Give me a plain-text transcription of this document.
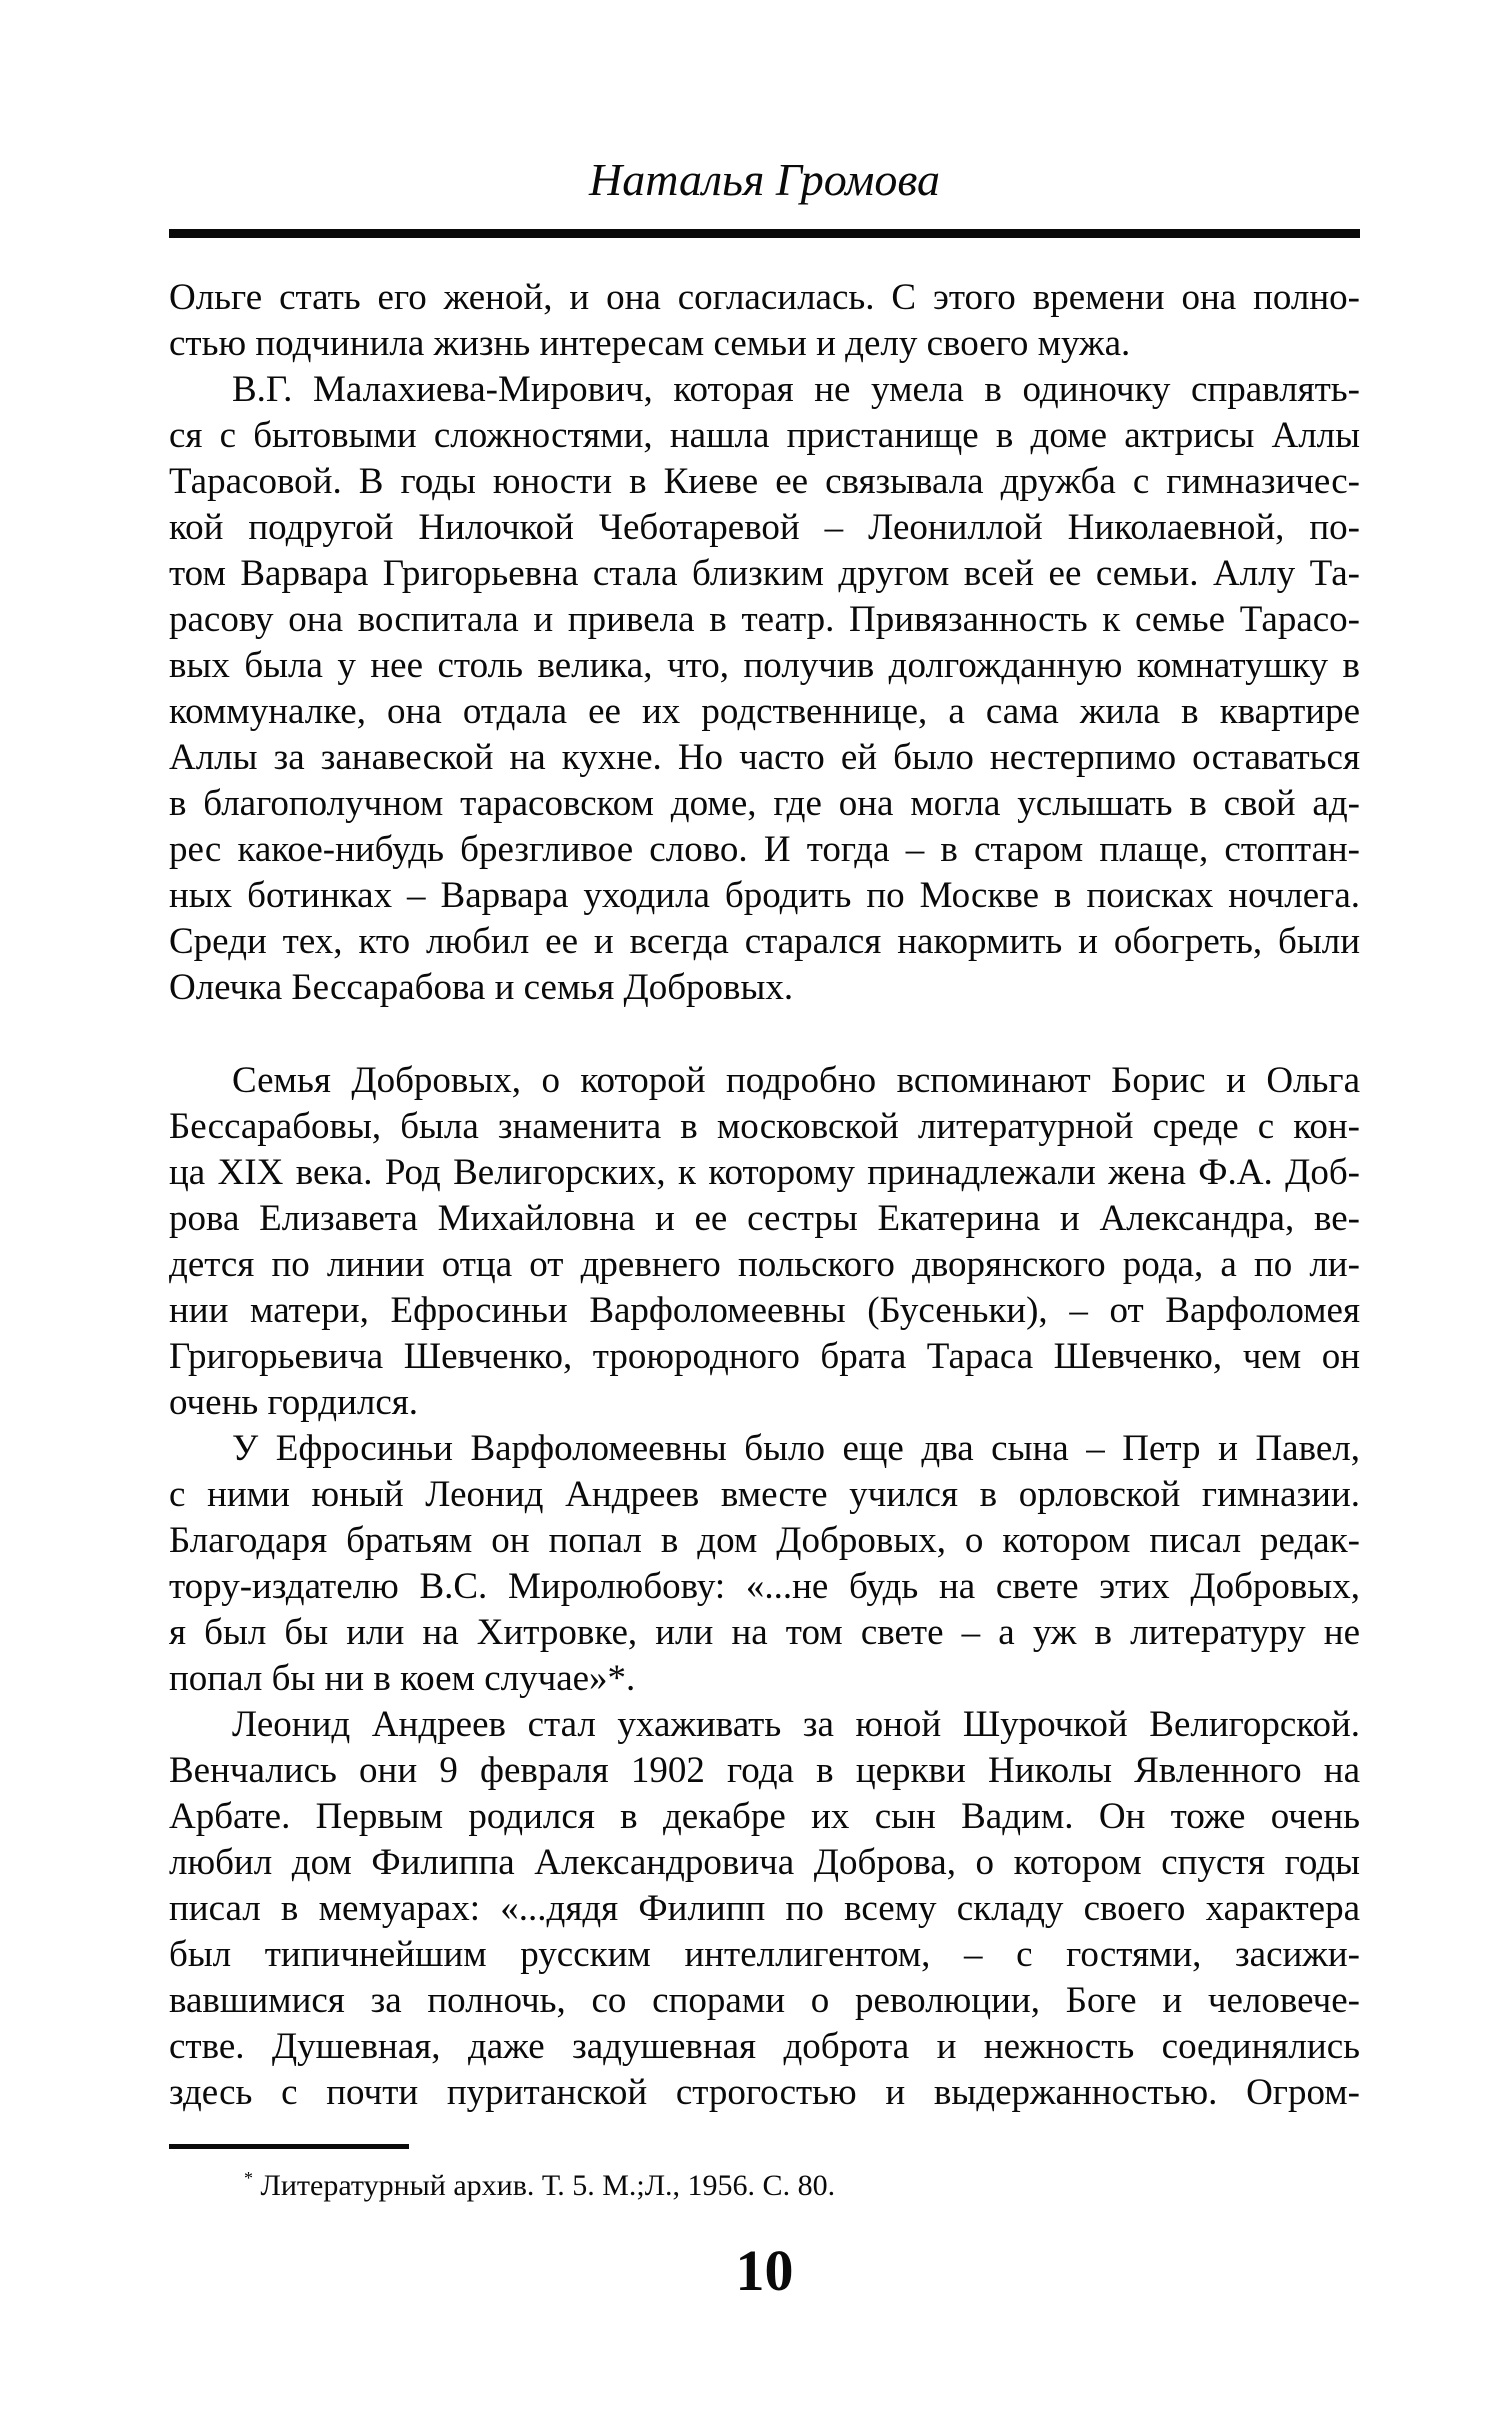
Наталья Громова
Ольге стать его женой, и она согласилась. С этого времени она полно-
стью подчинила жизнь интересам семьи и делу своего мужа.
В.Г. Малахиева-Мирович, которая не умела в одиночку справлять-
ся с бытовыми сложностями, нашла пристанище в доме актрисы Аллы
Тарасовой. В годы юности в Киеве ее связывала дружба с гимназичес-
кой подругой Нилочкой Чеботаревой – Леониллой Николаевной, по-
том Варвара Григорьевна стала близким другом всей ее семьи. Аллу Та-
расову она воспитала и привела в театр. Привязанность к семье Тарасо-
вых была у нее столь велика, что, получив долгожданную комнатушку в
коммуналке, она отдала ее их родственнице, а сама жила в квартире
Аллы за занавеской на кухне. Но часто ей было нестерпимо оставаться
в благополучном тарасовском доме, где она могла услышать в свой ад-
рес какое-нибудь брезгливое слово. И тогда – в старом плаще, стоптан-
ных ботинках – Варвара уходила бродить по Москве в поисках ночлега.
Среди тех, кто любил ее и всегда старался накормить и обогреть, были
Олечка Бессарабова и семья Добровых.
Семья Добровых, о которой подробно вспоминают Борис и Ольга
Бессарабовы, была знаменита в московской литературной среде с кон-
ца XIX века. Род Велигорских, к которому принадлежали жена Ф.А. Доб-
рова Елизавета Михайловна и ее сестры Екатерина и Александра, ве-
дется по линии отца от древнего польского дворянского рода, а по ли-
нии матери, Ефросиньи Варфоломеевны (Бусеньки), – от Варфоломея
Григорьевича Шевченко, троюродного брата Тараса Шевченко, чем он
очень гордился.
У Ефросиньи Варфоломеевны было еще два сына – Петр и Павел,
с ними юный Леонид Андреев вместе учился в орловской гимназии.
Благодаря братьям он попал в дом Добровых, о котором писал редак-
тору-издателю В.С. Миролюбову: «...не будь на свете этих Добровых,
я был бы или на Хитровке, или на том свете – а уж в литературу не
попал бы ни в коем случае»*.
Леонид Андреев стал ухаживать за юной Шурочкой Велигорской.
Венчались они 9 февраля 1902 года в церкви Николы Явленного на
Арбате. Первым родился в декабре их сын Вадим. Он тоже очень
любил дом Филиппа Александровича Доброва, о котором спустя годы
писал в мемуарах: «...дядя Филипп по всему складу своего характера
был типичнейшим русским интеллигентом, – с гостями, засижи-
вавшимися за полночь, со спорами о революции, Боге и человече-
стве. Душевная, даже задушевная доброта и нежность соединялись
здесь с почти пуританской строгостью и выдержанностью. Огром-
* Литературный архив. Т. 5. М.;Л., 1956. С. 80.
10
